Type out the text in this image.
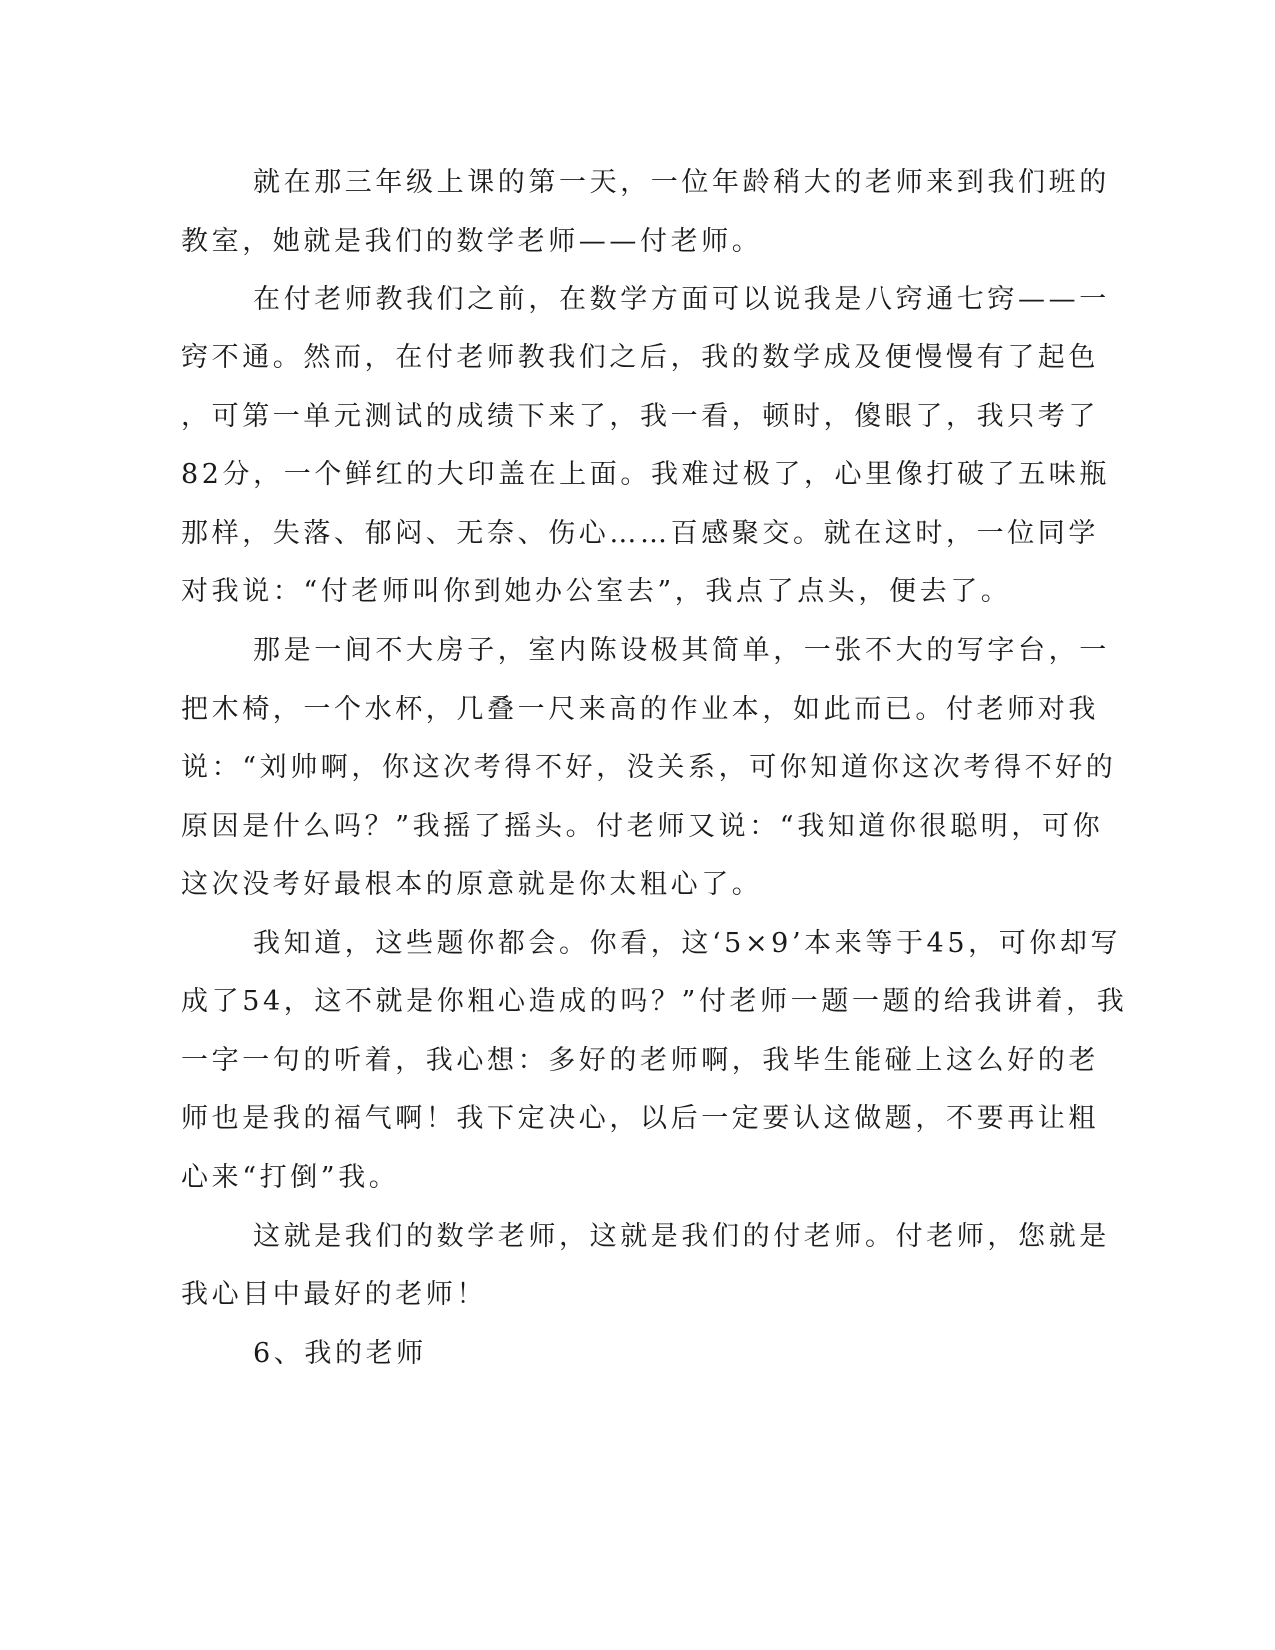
就在那三年级上课的第一天，一位年龄稍大的老师来到我们班的
教室，她就是我们的数学老师——付老师。
在付老师教我们之前，在数学方面可以说我是八窍通七窍——一
窍不通。然而，在付老师教我们之后，我的数学成及便慢慢有了起色
，可第一单元测试的成绩下来了，我一看，顿时，傻眼了，我只考了
82分，一个鲜红的大印盖在上面。我难过极了，心里像打破了五味瓶
那样，失落、郁闷、无奈、伤心……百感聚交。就在这时，一位同学
对我说：“付老师叫你到她办公室去”，我点了点头，便去了。
那是一间不大房子，室内陈设极其简单，一张不大的写字台，一
把木椅，一个水杯，几叠一尺来高的作业本，如此而已。付老师对我
说：“刘帅啊，你这次考得不好，没关系，可你知道你这次考得不好的
原因是什么吗？”我摇了摇头。付老师又说：“我知道你很聪明，可你
这次没考好最根本的原意就是你太粗心了。
我知道，这些题你都会。你看，这‘5×9’本来等于45，可你却写
成了54，这不就是你粗心造成的吗？”付老师一题一题的给我讲着，我
一字一句的听着，我心想：多好的老师啊，我毕生能碰上这么好的老
师也是我的福气啊！我下定决心，以后一定要认这做题，不要再让粗
心来“打倒”我。
这就是我们的数学老师，这就是我们的付老师。付老师，您就是
我心目中最好的老师！
6、我的老师
